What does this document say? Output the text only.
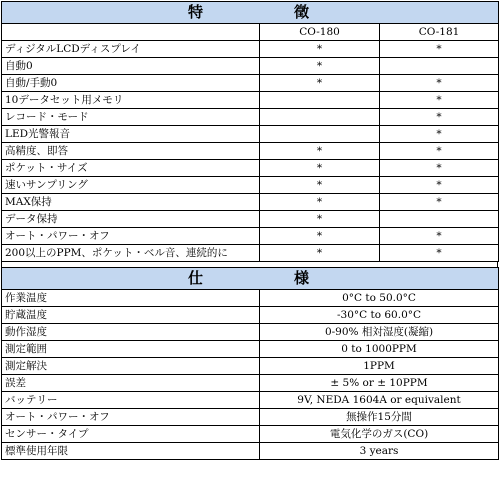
特　徵		
	CO-180	CO-181
ディジタルLCDディスプレイ	*	*
自動0	*	
自動/手動0	*	*
10データセット用メモリ		*
レコード・モード		*
LED光警報音		*
高精度、即答	*	*
ポケット・サイズ	*	*
速いサンプリング	*	*
MAX保持	*	*
データ保持	*	
オート・パワー・オフ	*	*
200以上のPPM、ポケット・ベル音、連続的に	*	*
仕　様	
作業温度	0°C to 50.0°C
貯蔵温度	-30°C to 60.0°C
動作湿度	0-90% 相対湿度(凝縮)
測定範囲	0 to 1000PPM
測定解決	1PPM
誤差	± 5% or ± 10PPM
バッテリー	9V, NEDA 1604A or equivalent
オート・パワー・オフ	無操作15分間
センサー・タイプ	電気化学のガス(CO)
標準使用年限	3 years
